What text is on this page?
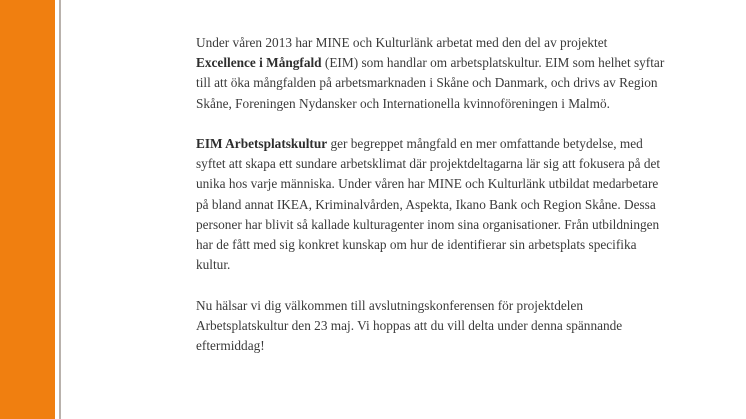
Under våren 2013 har MINE och Kulturlänk arbetat med den del av projektet Excellence i Mångfald (EIM) som handlar om arbetsplatskultur. EIM som helhet syftar till att öka mångfalden på arbetsmarknaden i Skåne och Danmark, och drivs av Region Skåne, Foreningen Nydansker och Internationella kvinnoföreningen i Malmö.

EIM Arbetsplatskultur ger begreppet mångfald en mer omfattande betydelse, med syftet att skapa ett sundare arbetsklimat där projektdeltagarna lär sig att fokusera på det unika hos varje människa. Under våren har MINE och Kulturlänk utbildat medarbetare på bland annat IKEA, Kriminalvården, Aspekta, Ikano Bank och Region Skåne. Dessa personer har blivit så kallade kulturagenter inom sina organisationer. Från utbildningen har de fått med sig konkret kunskap om hur de identifierar sin arbetsplats specifika kultur.

Nu hälsar vi dig välkommen till avslutningskonferensen för projektdelen Arbetsplatskultur den 23 maj. Vi hoppas att du vill delta under denna spännande eftermiddag!
